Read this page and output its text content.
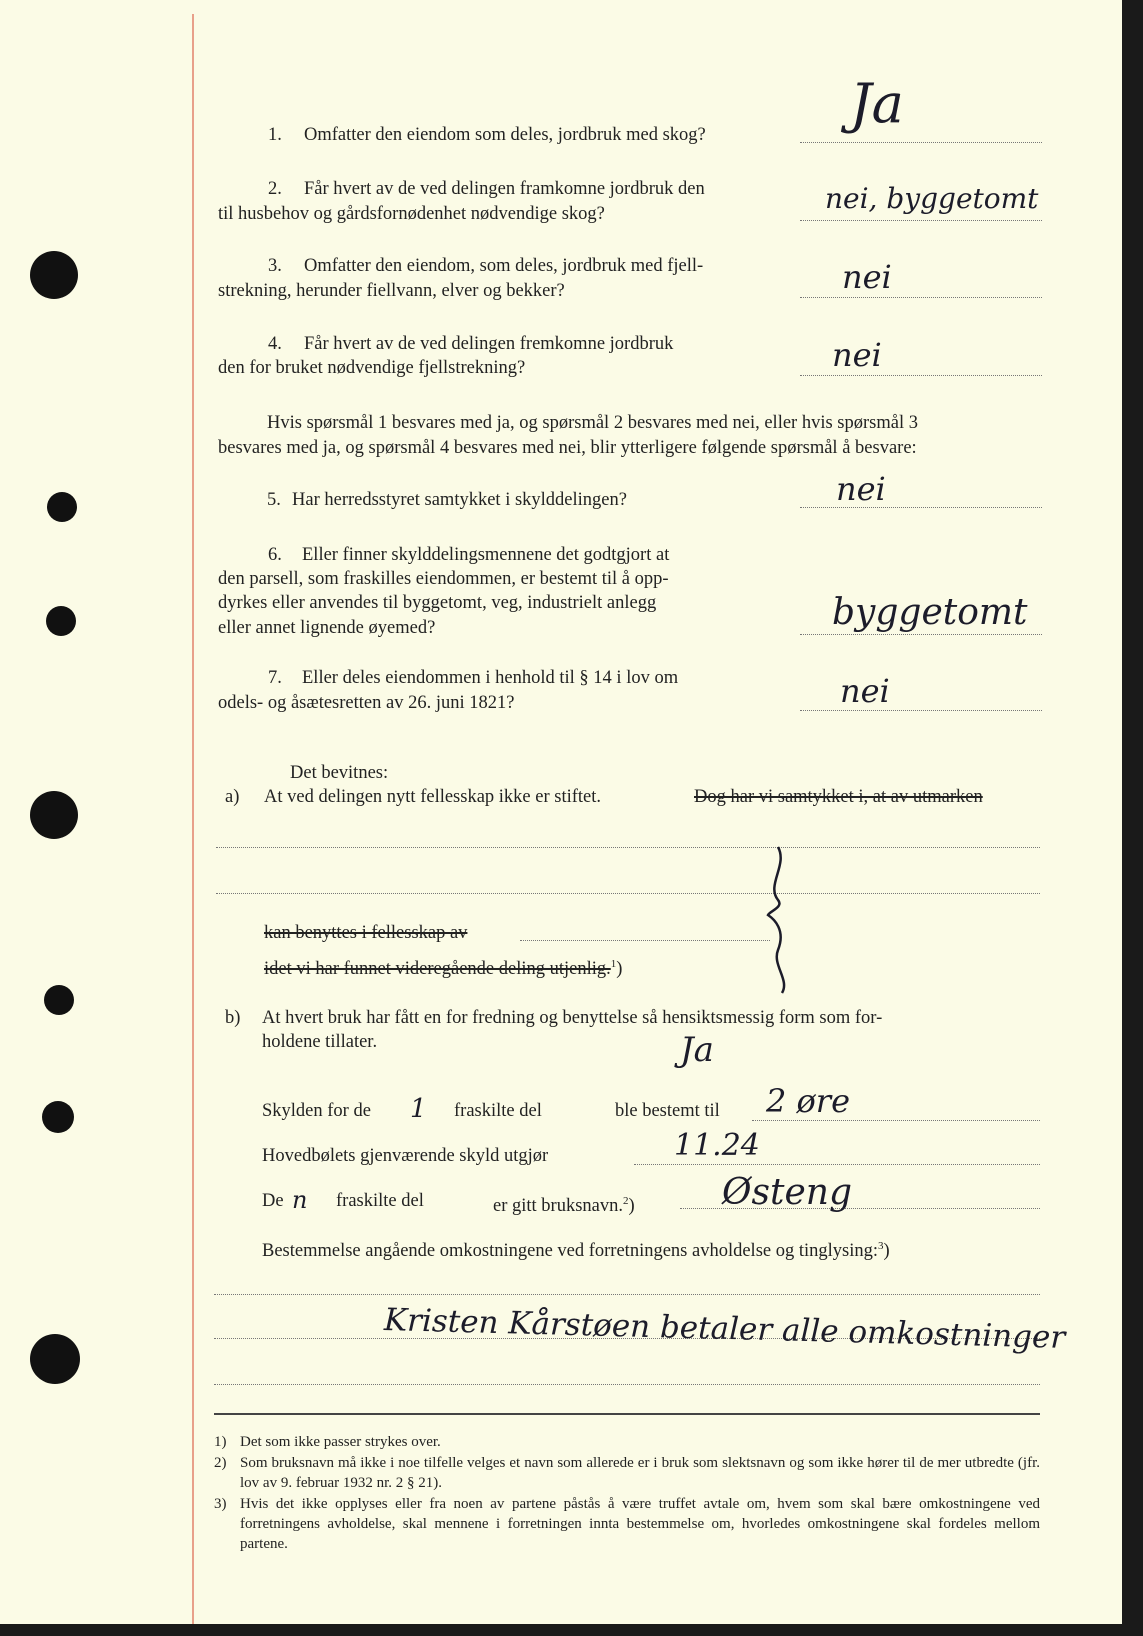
1. Omfatter den eiendom som deles, jordbruk med skog?	Ja
2. Får hvert av de ved delingen framkomne jordbruk den
til husbehov og gårdsfornødenhet nødvendige skog?	nei, byggetomt
3. Omfatter den eiendom, som deles, jordbruk med fjell-
strekning, herunder fiellvann, elver og bekker?	nei
4. Får hvert av de ved delingen fremkomne jordbruk
den for bruket nødvendige fjellstrekning?	nei
Hvis spørsmål 1 besvares med ja, og spørsmål 2 besvares med nei, eller hvis spørsmål 3
besvares med ja, og spørsmål 4 besvares med nei, blir ytterligere følgende spørsmål å besvare:
5. Har herredsstyret samtykket i skylddelingen?	nei
6. Eller finner skylddelingsmennene det godtgjort at
den parsell, som fraskilles eiendommen, er bestemt til å opp-
dyrkes eller anvendes til byggetomt, veg, industrielt anlegg
eller annet lignende øyemed?	byggetomt
7. Eller deles eiendommen i henhold til § 14 i lov om
odels- og åsætesretten av 26. juni 1821?	nei
Det bevitnes:
a) At ved delingen nytt fellesskap ikke er stiftet.	Dog har vi samtykket i, at av utmarken
kan benyttes i fellesskap av
idet vi har funnet videregående deling utjenlig.$^1$)
b) At hvert bruk har fått en for fredning og benyttelse så hensiktsmessig form som for-
holdene tillater.	Ja
Skylden for de 1 fraskilte del	ble bestemt til 2 øre
Hovedbølets gjenværende skyld utgjør	11.24
De n fraskilte del	er gitt bruksnavn.$^2$) Østeng
Bestemmelse angående omkostningene ved forretningens avholdelse og tinglysing:$^3$)
Kristen Kårstøen betaler alle omkostninger
1) Det som ikke passer strykes over.
2) Som bruksnavn må ikke i noe tilfelle velges et navn som allerede er i bruk som slektsnavn og som ikke hører til de mer utbredte (jfr. lov av 9. februar 1932 nr. 2 § 21).
3) Hvis det ikke opplyses eller fra noen av partene påstås å være truffet avtale om, hvem som skal bære omkostningene ved forretningens avholdelse, skal mennene i forretningen innta bestemmelse om, hvorledes omkostningene skal fordeles mellom partene.
